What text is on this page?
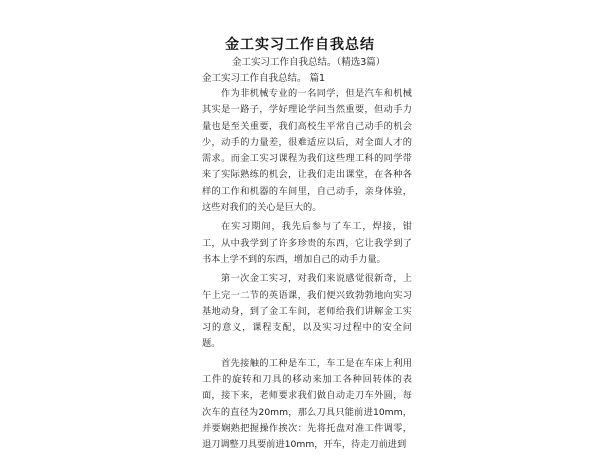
金工实习工作自我总结
金工实习工作自我总结。（精选3篇）
金工实习工作自我总结。 篇1

作为非机械专业的一名同学，但是汽车和机械其实是一路子，学好理论学问当然重要，但动手力量也是至关重要，我们高校生平常自己动手的机会少，动手的力量差，很难适应以后，对全面人才的需求。而金工实习课程为我们这些理工科的同学带来了实际熟练的机会，让我们走出课堂，在各种各样的工作和机器的车间里，自己动手，亲身体验，这些对我们的关心是巨大的。

在实习期间，我先后参与了车工，焊接，钳工，从中我学到了许多珍贵的东西，它让我学到了书本上学不到的东西，增加自己的动手力量。

第一次金工实习，对我们来说感觉很新奇，上午上完一二节的英语课，我们便兴致勃勃地向实习基地动身，到了金工车间，老师给我们讲解金工实习的意义，课程支配，以及实习过程中的安全问题。

首先接触的工种是车工，车工是在车床上利用工件的旋转和刀具的移动来加工各种回转体的表面，接下来，老师要求我们做自动走刀车外圆，每次车的直径为20mm，那么刀具只能前进10mm，并要娴熟把握操作挨次：先将托盘对准工件调零，退刀调整刀具要前进10mm，开车，待走刀前进到
